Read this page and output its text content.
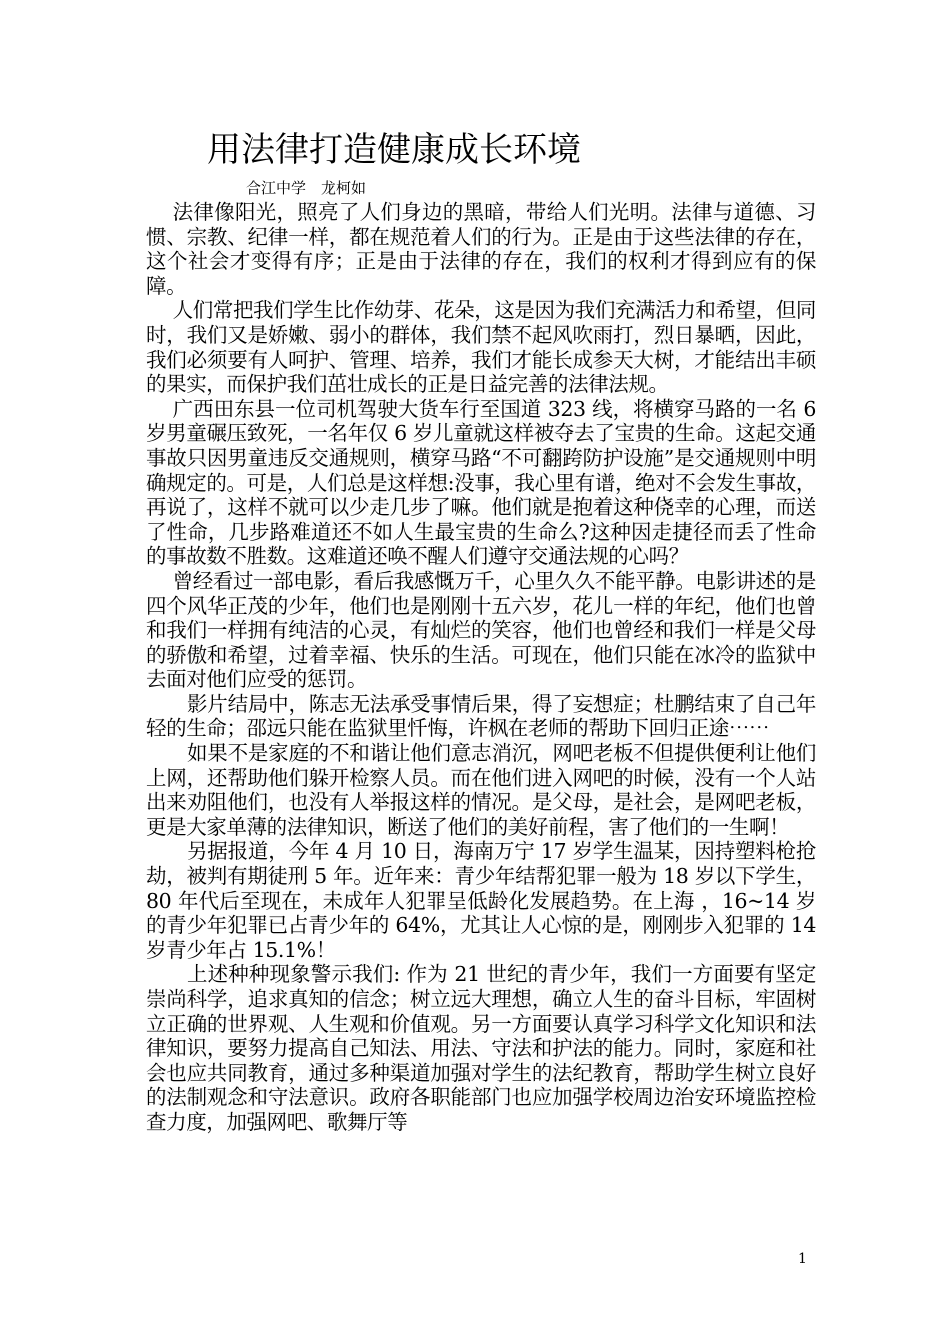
用法律打造健康成长环境
合江中学　龙柯如

法律像阳光，照亮了人们身边的黑暗，带给人们光明。法律与道德、习惯、宗教、纪律一样，都在规范着人们的行为。正是由于这些法律的存在，这个社会才变得有序；正是由于法律的存在，我们的权利才得到应有的保障。

人们常把我们学生比作幼芽、花朵，这是因为我们充满活力和希望，但同时，我们又是娇嫩、弱小的群体，我们禁不起风吹雨打，烈日暴晒，因此，我们必须要有人呵护、管理、培养，我们才能长成参天大树，才能结出丰硕的果实，而保护我们茁壮成长的正是日益完善的法律法规。

广西田东县一位司机驾驶大货车行至国道 323 线，将横穿马路的一名 6 岁男童碾压致死，一名年仅 6 岁儿童就这样被夺去了宝贵的生命。这起交通事故只因男童违反交通规则，横穿马路“不可翻跨防护设施”是交通规则中明确规定的。可是，人们总是这样想:没事，我心里有谱，绝对不会发生事故，再说了，这样不就可以少走几步了嘛。他们就是抱着这种侥幸的心理，而送了性命，几步路难道还不如人生最宝贵的生命么?这种因走捷径而丢了性命的事故数不胜数。这难道还唤不醒人们遵守交通法规的心吗？

曾经看过一部电影，看后我感慨万千，心里久久不能平静。电影讲述的是四个风华正茂的少年，他们也是刚刚十五六岁，花儿一样的年纪，他们也曾和我们一样拥有纯洁的心灵，有灿烂的笑容，他们也曾经和我们一样是父母的骄傲和希望，过着幸福、快乐的生活。可现在，他们只能在冰冷的监狱中去面对他们应受的惩罚。

影片结局中，陈志无法承受事情后果，得了妄想症；杜鹏结束了自己年轻的生命；邵远只能在监狱里忏悔，许枫在老师的帮助下回归正途⋯⋯

如果不是家庭的不和谐让他们意志消沉，网吧老板不但提供便利让他们上网，还帮助他们躲开检察人员。而在他们进入网吧的时候，没有一个人站出来劝阻他们，也没有人举报这样的情况。是父母，是社会，是网吧老板，更是大家单薄的法律知识，断送了他们的美好前程，害了他们的一生啊！

另据报道，今年 4 月 10 日，海南万宁 17 岁学生温某，因持塑料枪抢劫，被判有期徒刑 5 年。近年来：青少年结帮犯罪一般为 18 岁以下学生，80 年代后至现在，未成年人犯罪呈低龄化发展趋势。在上海 ，16~14 岁的青少年犯罪已占青少年的 64%，尤其让人心惊的是，刚刚步入犯罪的 14 岁青少年占 15.1%！

上述种种现象警示我们: 作为 21 世纪的青少年，我们一方面要有坚定崇尚科学，追求真知的信念；树立远大理想，确立人生的奋斗目标，牢固树立正确的世界观、人生观和价值观。另一方面要认真学习科学文化知识和法律知识，要努力提高自己知法、用法、守法和护法的能力。同时，家庭和社会也应共同教育，通过多种渠道加强对学生的法纪教育，帮助学生树立良好的法制观念和守法意识。政府各职能部门也应加强学校周边治安环境监控检查力度，加强网吧、歌舞厅等

1
